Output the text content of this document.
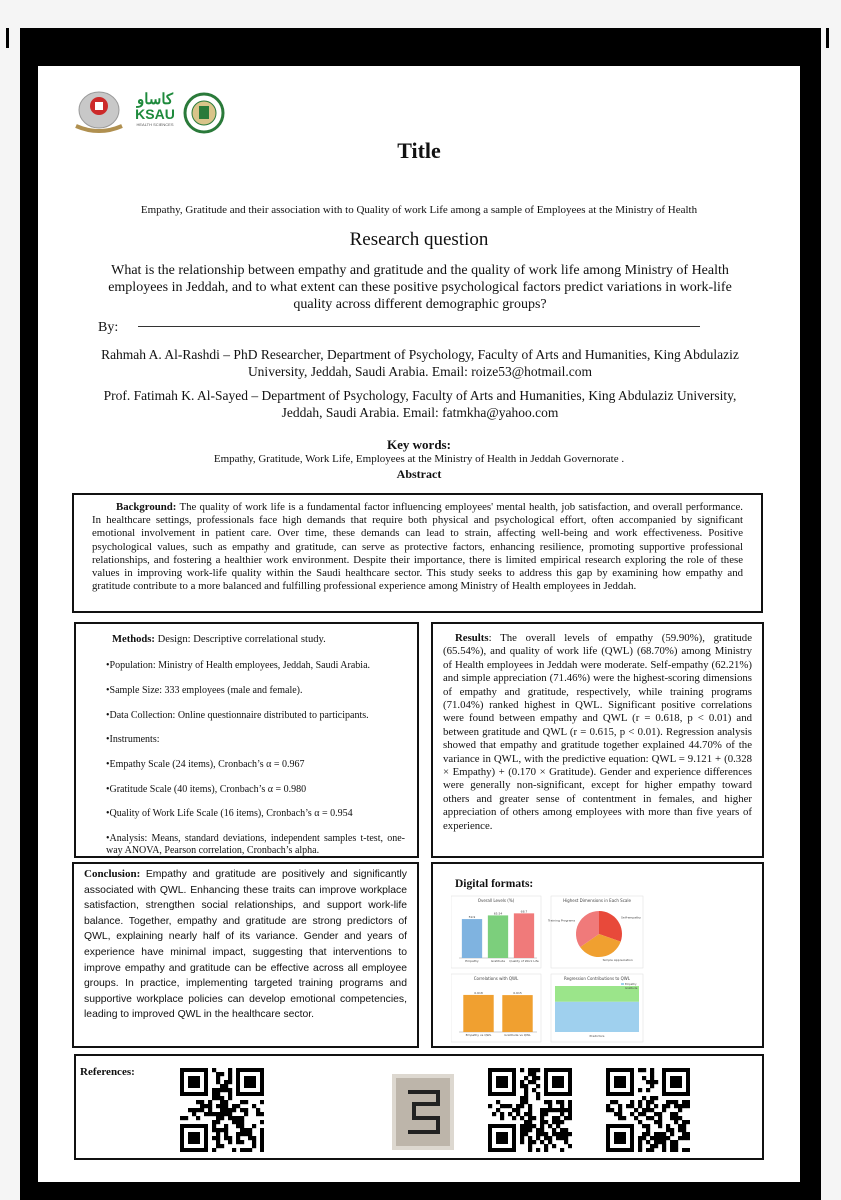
كاساو
KSAU
HEALTH SCIENCES
Title
Empathy, Gratitude and their association with to Quality of work Life among a sample of Employees at the Ministry of Health
Research question
What is the relationship between empathy and gratitude and the quality of work life among Ministry of Health employees in Jeddah, and to what extent can these positive psychological factors predict variations in work-life quality across different demographic groups?
By:
Rahmah A. Al-Rashdi – PhD Researcher, Department of Psychology, Faculty of Arts and Humanities, King Abdulaziz University, Jeddah, Saudi Arabia. Email: roize53@hotmail.com
Prof. Fatimah K. Al-Sayed – Department of Psychology, Faculty of Arts and Humanities, King Abdulaziz University, Jeddah, Saudi Arabia. Email: fatmkha@yahoo.com
Key words:
Empathy, Gratitude, Work Life, Employees at the Ministry of Health in Jeddah Governorate .
Abstract
Background: The quality of work life is a fundamental factor influencing employees' mental health, job satisfaction, and overall performance. In healthcare settings, professionals face high demands that require both physical and psychological effort, often accompanied by significant emotional involvement in patient care. Over time, these demands can lead to strain, affecting well-being and work effectiveness. Positive psychological values, such as empathy and gratitude, can serve as protective factors, enhancing resilience, promoting supportive professional relationships, and fostering a healthier work environment. Despite their importance, there is limited empirical research exploring the role of these values in improving work-life quality within the Saudi healthcare sector. This study seeks to address this gap by examining how empathy and gratitude contribute to a more balanced and fulfilling professional experience among Ministry of Health employees in Jeddah.
Methods: Design: Descriptive correlational study.
•Population: Ministry of Health employees, Jeddah, Saudi Arabia.
•Sample Size: 333 employees (male and female).
•Data Collection: Online questionnaire distributed to participants.
•Instruments:
•Empathy Scale (24 items), Cronbach’s α = 0.967
•Gratitude Scale (40 items), Cronbach’s α = 0.980
•Quality of Work Life Scale (16 items), Cronbach’s α = 0.954
•Analysis: Means, standard deviations, independent samples t-test, one-way ANOVA, Pearson correlation, Cronbach’s alpha.
Results: The overall levels of empathy (59.90%), gratitude (65.54%), and quality of work life (QWL) (68.70%) among Ministry of Health employees in Jeddah were moderate. Self-empathy (62.21%) and simple appreciation (71.46%) were the highest-scoring dimensions of empathy and gratitude, respectively, while training programs (71.04%) ranked highest in QWL. Significant positive correlations were found between empathy and QWL (r = 0.618, p < 0.01) and between gratitude and QWL (r = 0.615, p < 0.01). Regression analysis showed that empathy and gratitude together explained 44.70% of the variance in QWL, with the predictive equation: QWL = 9.121 + (0.328 × Empathy) + (0.170 × Gratitude). Gender and experience differences were generally non-significant, except for higher empathy toward others and greater sense of contentment in females, and higher appreciation of others among employees with more than five years of experience.
Conclusion: Empathy and gratitude are positively and significantly associated with QWL. Enhancing these traits can improve workplace satisfaction, strengthen social relationships, and support work-life balance. Together, empathy and gratitude are strong predictors of QWL, explaining nearly half of its variance. Gender and years of experience have minimal impact, suggesting that interventions to improve empathy and gratitude can be effective across all employee groups. In practice, implementing targeted training programs and supportive workplace policies can develop emotional competencies, leading to improved QWL in the healthcare sector.
Digital formats:
Overall Levels (%)
59.9
Empathy
65.54
Gratitude
68.7
Quality of Work Life
Highest Dimensions in Each Scale
Self-empathy
Simple Appreciation
Training Programs
Correlations with QWL
0.618
Empathy vs QWL
0.615
Gratitude vs QWL
Regression Contributions to QWL
Empathy
Gratitude
Predictors
References:
